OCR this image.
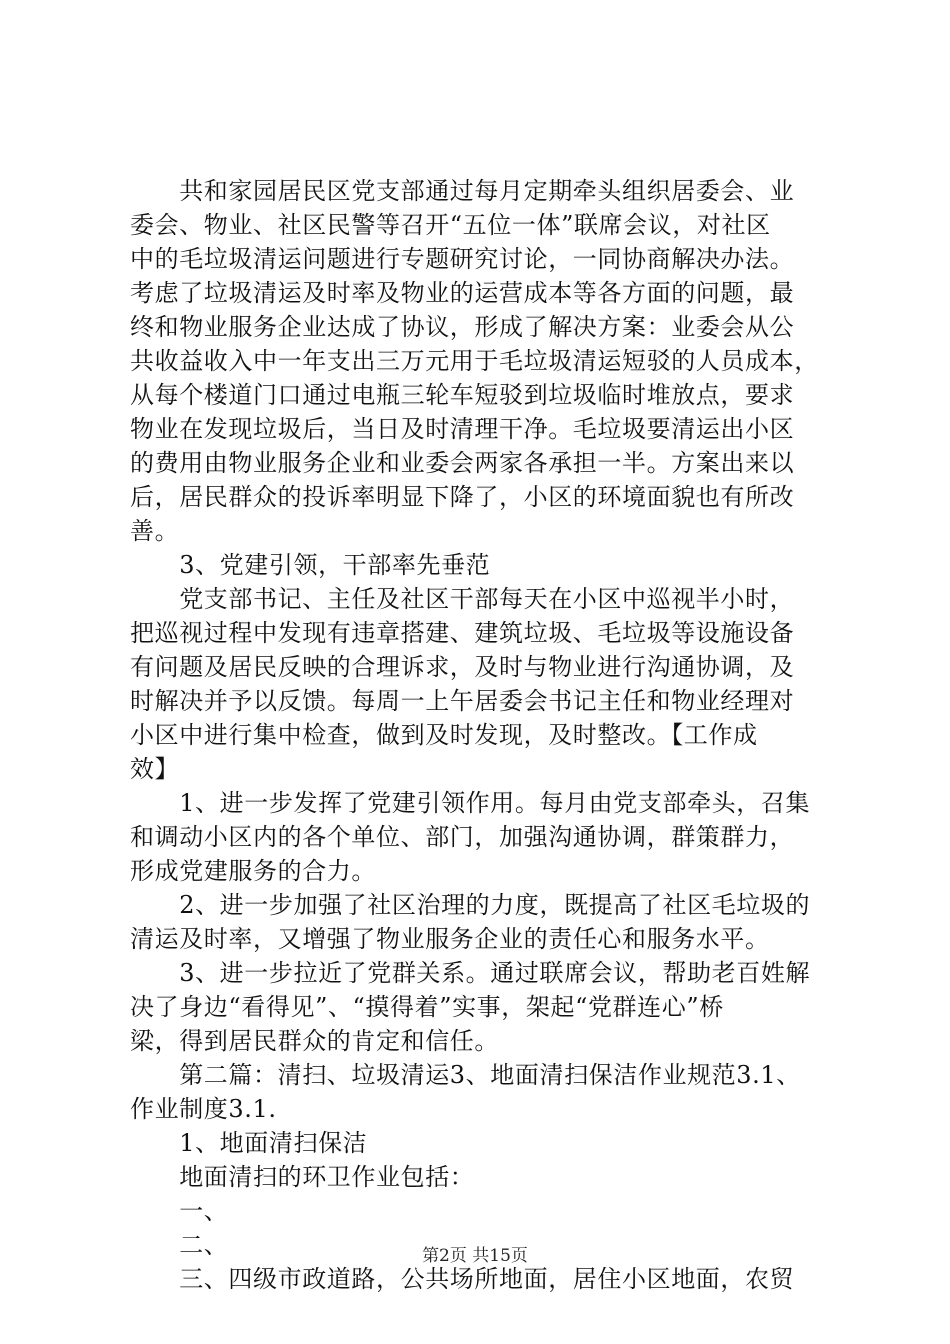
　　共和家园居民区党支部通过每月定期牵头组织居委会、业
委会、物业、社区民警等召开“五位一体”联席会议，对社区
中的毛垃圾清运问题进行专题研究讨论，一同协商解决办法。
考虑了垃圾清运及时率及物业的运营成本等各方面的问题，最
终和物业服务企业达成了协议，形成了解决方案：业委会从公
共收益收入中一年支出三万元用于毛垃圾清运短驳的人员成本，
从每个楼道门口通过电瓶三轮车短驳到垃圾临时堆放点，要求
物业在发现垃圾后，当日及时清理干净。毛垃圾要清运出小区
的费用由物业服务企业和业委会两家各承担一半。方案出来以
后，居民群众的投诉率明显下降了，小区的环境面貌也有所改
善。
　　3、党建引领，干部率先垂范
　　党支部书记、主任及社区干部每天在小区中巡视半小时，
把巡视过程中发现有违章搭建、建筑垃圾、毛垃圾等设施设备
有问题及居民反映的合理诉求，及时与物业进行沟通协调，及
时解决并予以反馈。每周一上午居委会书记主任和物业经理对
小区中进行集中检查，做到及时发现，及时整改。【工作成
效】
　　1、进一步发挥了党建引领作用。每月由党支部牵头，召集
和调动小区内的各个单位、部门，加强沟通协调，群策群力，
形成党建服务的合力。
　　2、进一步加强了社区治理的力度，既提高了社区毛垃圾的
清运及时率，又增强了物业服务企业的责任心和服务水平。
　　3、进一步拉近了党群关系。通过联席会议，帮助老百姓解
决了身边“看得见”、“摸得着”实事，架起“党群连心”桥
梁，得到居民群众的肯定和信任。
　　第二篇：清扫、垃圾清运3、地面清扫保洁作业规范3.1、
作业制度3.1.
　　1、地面清扫保洁
　　地面清扫的环卫作业包括：
　　一、
　　二、
　　三、四级市政道路，公共场所地面，居住小区地面，农贸
第2页 共15页
